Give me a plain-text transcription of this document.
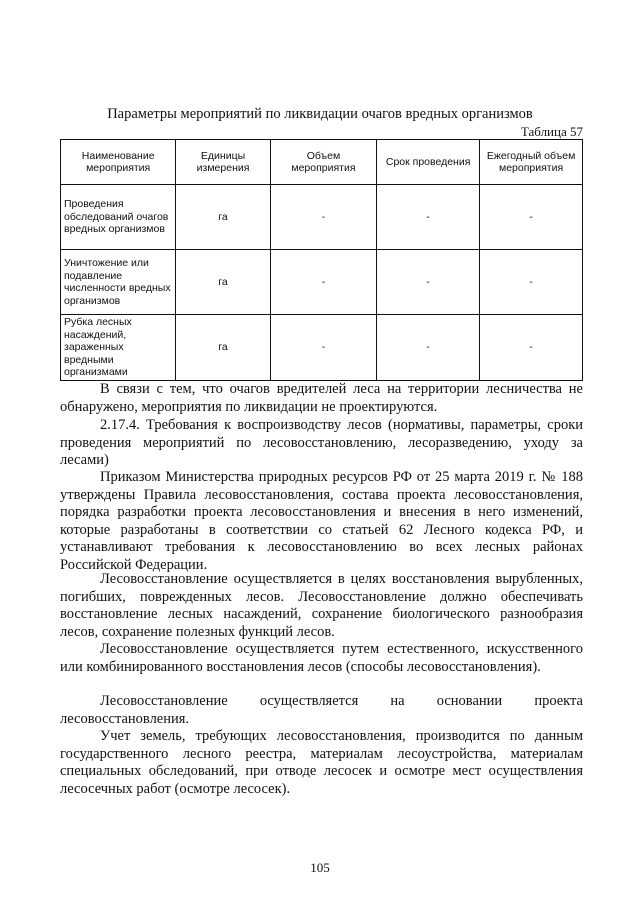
Параметры мероприятий по ликвидации очагов вредных организмов
Таблица 57
Наименование мероприятия	Единицы измерения	Объем мероприятия	Срок проведения	Ежегодный объем мероприятия
Проведения обследований очагов вредных организмов	га	-	-	-
Уничтожение или подавление численности вредных организмов	га	-	-	-
Рубка лесных насаждений, зараженных вредными организмами	га	-	-	-
В связи с тем, что очагов вредителей леса на территории лесничества не обнаружено, мероприятия по ликвидации не проектируются.
2.17.4. Требования к воспроизводству лесов (нормативы, параметры, сроки проведения мероприятий по лесовосстановлению, лесоразведению, уходу за лесами)
Приказом Министерства природных ресурсов РФ от 25 марта 2019 г. № 188 утверждены Правила лесовосстановления, состава проекта лесовосстановления, порядка разработки проекта лесовосстановления и внесения в него изменений, которые разработаны в соответствии со статьей 62 Лесного кодекса РФ, и устанавливают требования к лесовосстановлению во всех лесных районах Российской Федерации.
Лесовосстановление осуществляется в целях восстановления вырубленных, погибших, поврежденных лесов. Лесовосстановление должно обеспечивать восстановление лесных насаждений, сохранение биологического разнообразия лесов, сохранение полезных функций лесов.
Лесовосстановление осуществляется путем естественного, искусственного или комбинированного восстановления лесов (способы лесовосстановления).
Лесовосстановление осуществляется на основании проекта лесовосстановления.
Учет земель, требующих лесовосстановления, производится по данным государственного лесного реестра, материалам лесоустройства, материалам специальных обследований, при отводе лесосек и осмотре мест осуществления лесосечных работ (осмотре лесосек).
105
